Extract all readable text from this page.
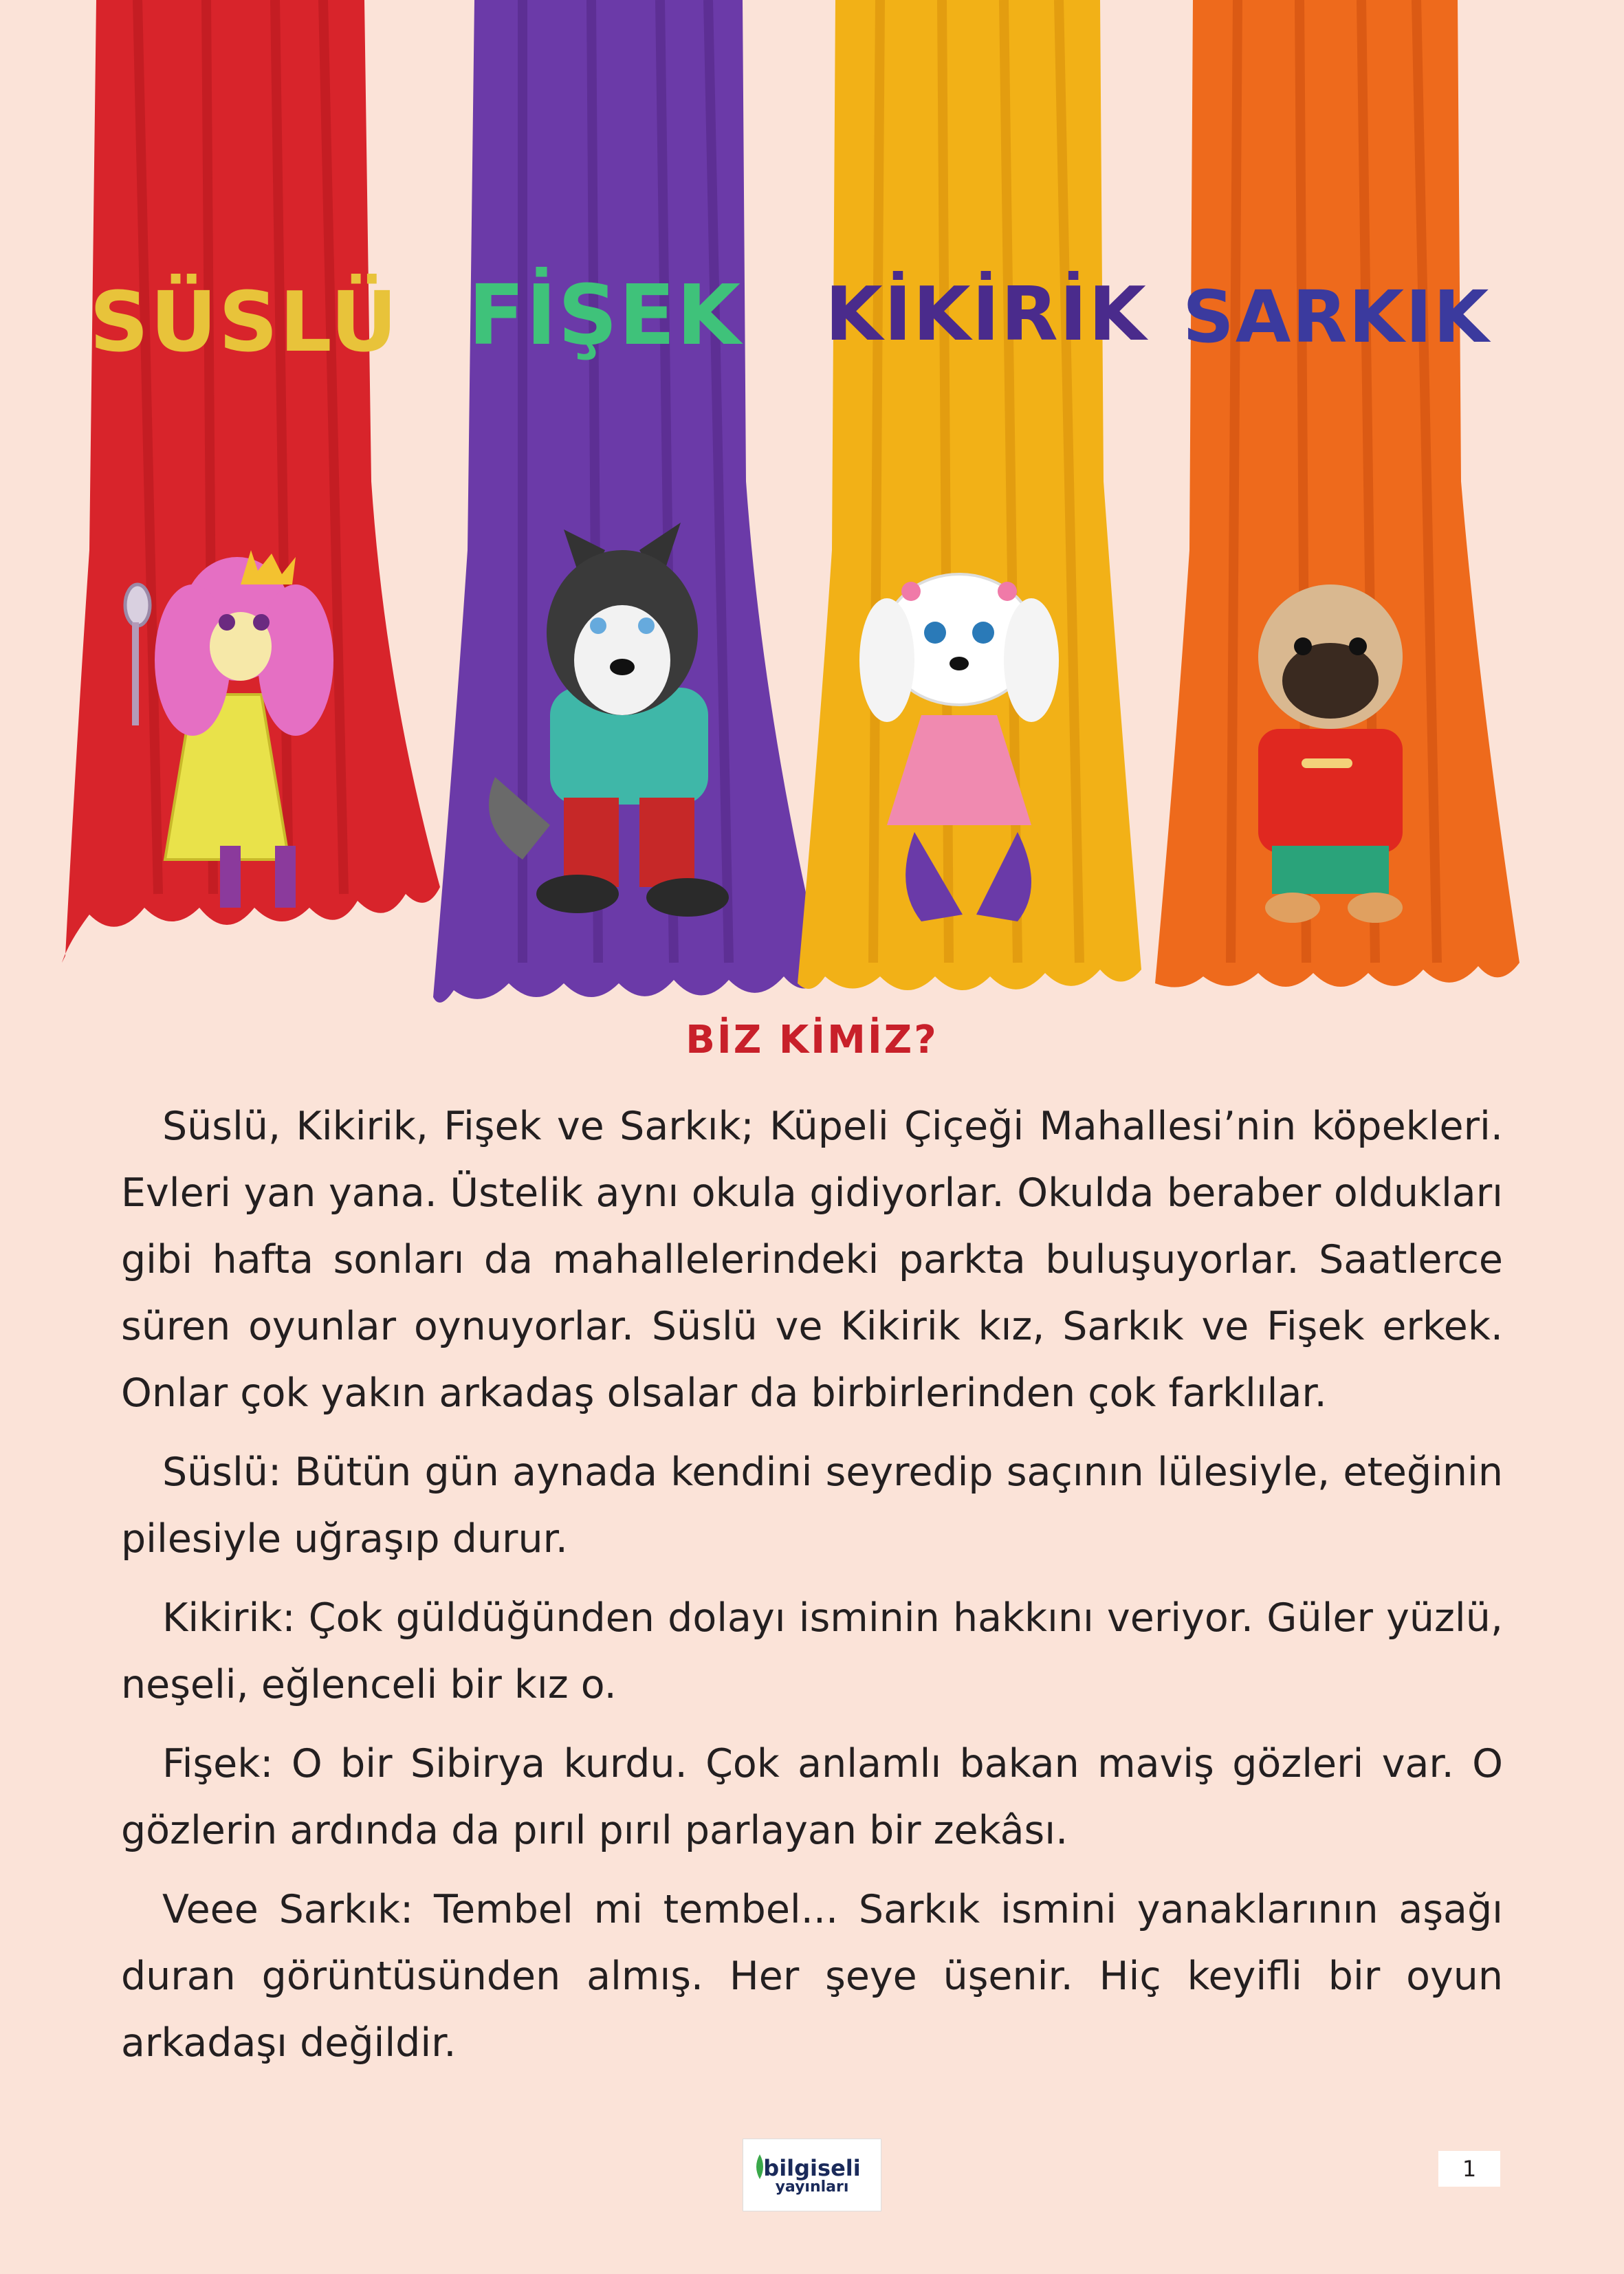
SÜSLÜ FİŞEK KİKİRİK SARKIK
BİZ KİMİZ?

Süslü, Kikirik, Fişek ve Sarkık; Küpeli Çiçeği Mahallesi’nin köpekleri. Evleri yan yana. Üstelik aynı okula gidiyorlar. Okulda beraber oldukları gibi hafta sonları da mahallelerindeki parkta buluşuyorlar. Saatlerce süren oyunlar oynuyorlar. Süslü ve Kikirik kız, Sarkık ve Fişek erkek. Onlar çok yakın arkadaş olsalar da birbirlerinden çok farklılar.

Süslü: Bütün gün aynada kendini seyredip saçının lülesiyle, eteğinin pilesiyle uğraşıp durur.

Kikirik: Çok güldüğünden dolayı isminin hakkını veriyor. Güler yüzlü, neşeli, eğlenceli bir kız o.

Fişek: O bir Sibirya kurdu. Çok anlamlı bakan maviş gözleri var. O gözlerin ardında da pırıl pırıl parlayan bir zekâsı.

Veee Sarkık: Tembel mi tembel... Sarkık ismini yanaklarının aşağı duran görüntüsünden almış. Her şeye üşenir. Hiç keyifli bir oyun arkadaşı değildir.

bilgiseli
yayınları
1
